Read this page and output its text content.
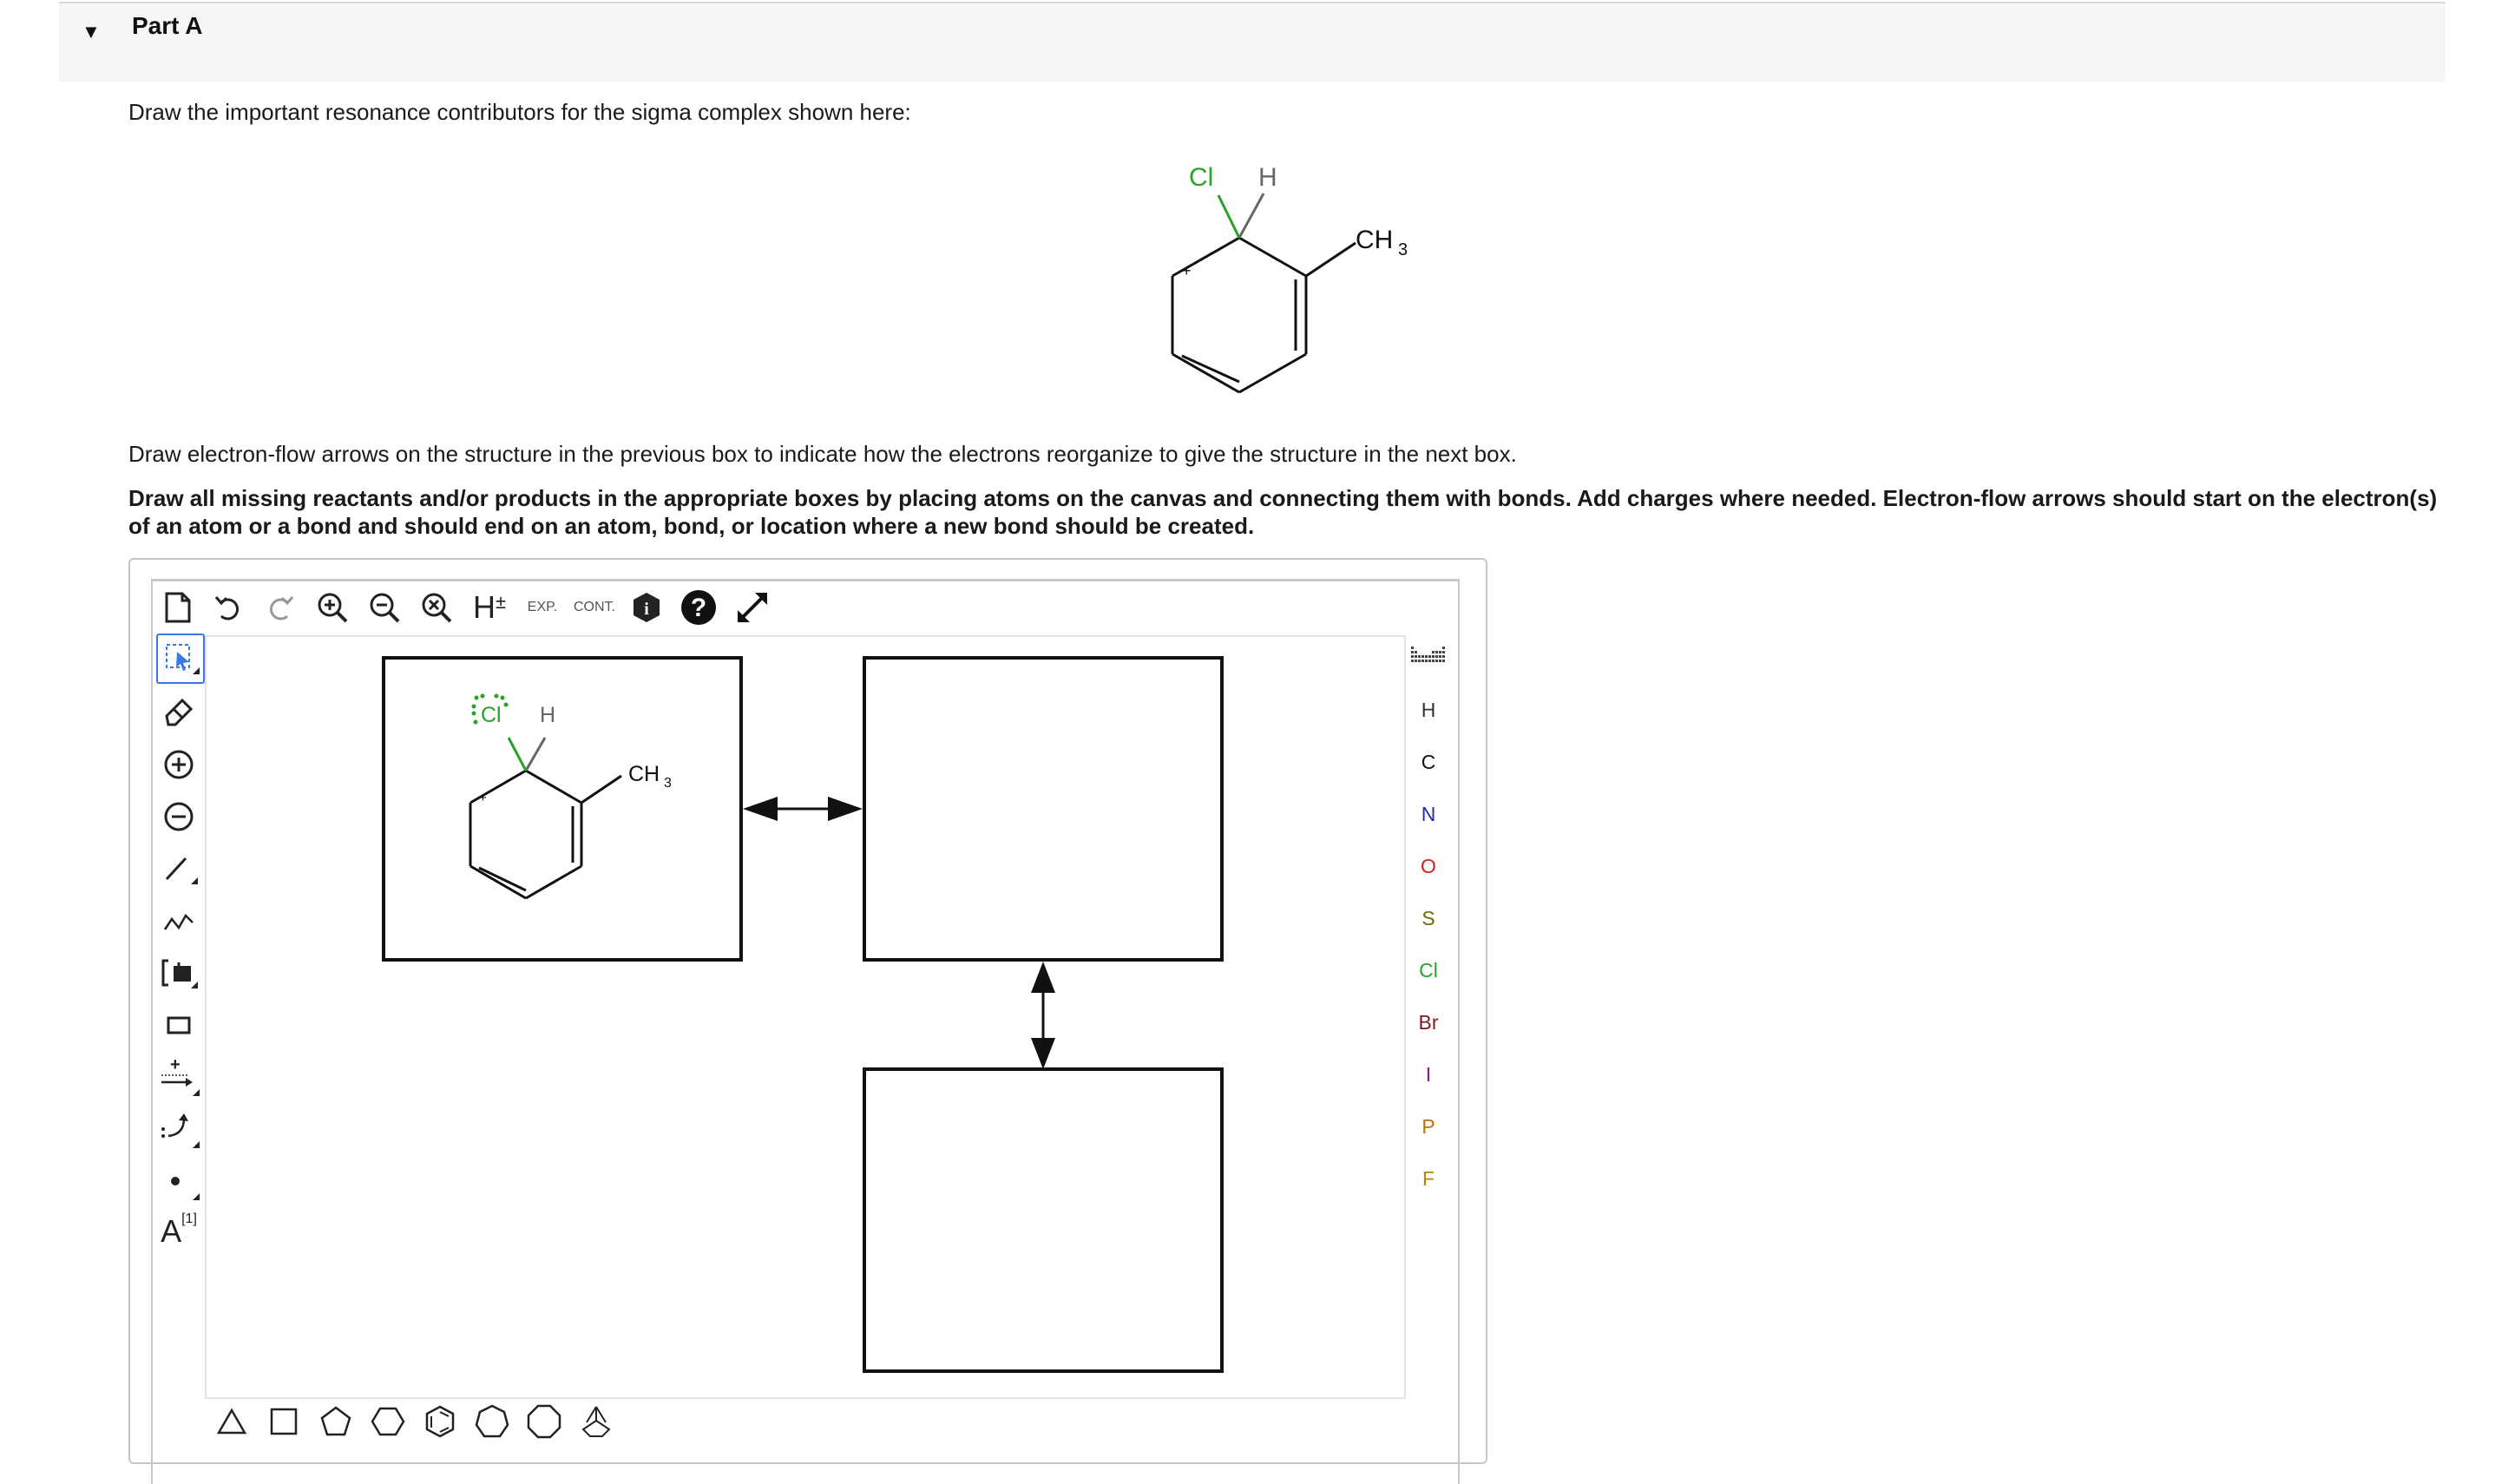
▼ Part A
Draw the important resonance contributors for the sigma complex shown here:
Cl H
CH 3
+
Draw electron-flow arrows on the structure in the previous box to indicate how the electrons reorganize to give the structure in the next box.
Draw all missing reactants and/or products in the appropriate boxes by placing atoms on the canvas and connecting them with bonds. Add charges where needed. Electron-flow arrows should start on the electron(s) of an atom or a bond and should end on an atom, bond, or location where a new bond should be created.
H ± EXP. CONT. i ?
+
A [1]
Cl H
CH 3
+
H
C
N
O
S
Cl
Br
I
P
F
